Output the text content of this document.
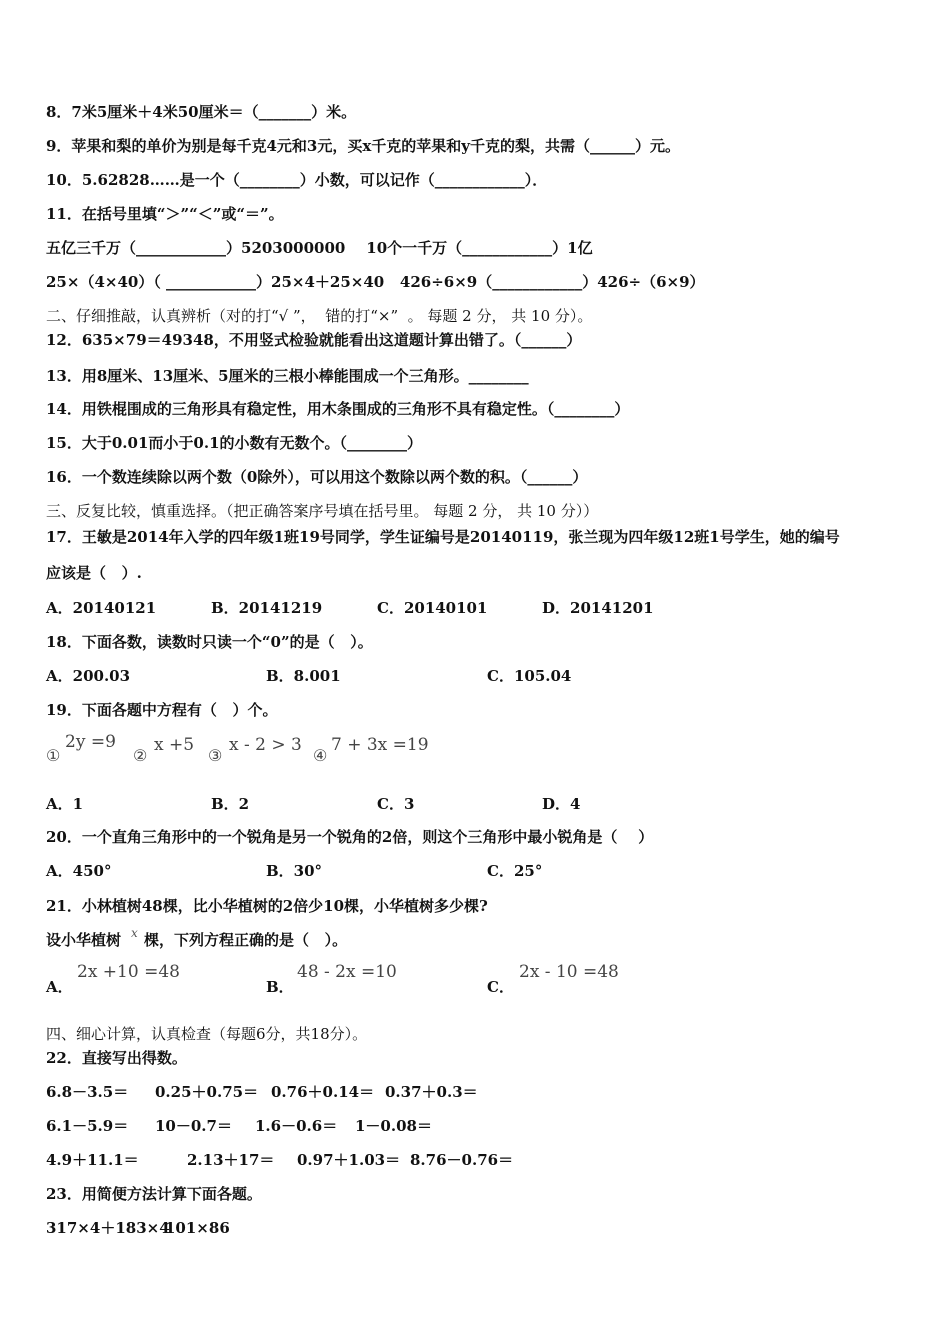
8．7米5厘米＋4米50厘米＝（_______）米。
9．苹果和梨的单价为别是每千克4元和3元，买x千克的苹果和y千克的梨，共需（______）元。
10．5.62828……是一个（________）小数，可以记作（____________）．
11．在括号里填“＞”“＜”或“＝”。
五亿三千万（____________）5203000000    10个一千万（____________）1亿
25×（4×40）（ ____________）25×4＋25×40   426÷6×9（____________）426÷（6×9）
二、仔细推敲，认真辨析（对的打“√ ”，  错的打“×”  。 每题 2 分， 共 10 分）。
12．635×79＝49348，不用竖式检验就能看出这道题计算出错了。（______）
13．用8厘米、13厘米、5厘米的三根小棒能围成一个三角形。________
14．用铁棍围成的三角形具有稳定性，用木条围成的三角形不具有稳定性。（________）
15．大于0.01而小于0.1的小数有无数个。（________）
16．一个数连续除以两个数（0除外），可以用这个数除以两个数的积。（______）
三、反复比较，慎重选择。（把正确答案序号填在括号里。 每题 2 分， 共 10 分））
17．王敏是2014年入学的四年级1班19号同学，学生证编号是20140119，张兰现为四年级12班1号学生，她的编号
应该是（   ）.
A．20140121	B．20141219	C．20140101	D．20141201
18．下面各数，读数时只读一个“0”的是（   ）。
A．200.03	B．8.001	C．105.04
19．下面各题中方程有（   ）个。
①
2y =9
②
x +5
③
x - 2 > 3
④
7 + 3x =19
A．1	B．2	C．3	D．4
20．一个直角三角形中的一个锐角是另一个锐角的2倍，则这个三角形中最小锐角是（    ）
A．450°	B．30°	C．25°
21．小林植树48棵，比小华植树的2倍少10棵，小华植树多少棵?
设小华植树 x 棵，下列方程正确的是（   ）。
A．
2x +10 =48
B．
48 - 2x =10
C．
2x - 10 =48
四、细心计算，认真检查（每题6分，共18分）。
22．直接写出得数。
6.8－3.5＝ 0.25＋0.75＝ 0.76＋0.14＝ 0.37＋0.3＝
6.1－5.9＝ 10－0.7＝ 1.6－0.6＝ 1－0.08＝
4.9＋11.1＝	2.13＋17＝ 0.97＋1.03＝ 8.76－0.76＝
23．用简便方法计算下面各题。
317×4＋183×4
101×86
